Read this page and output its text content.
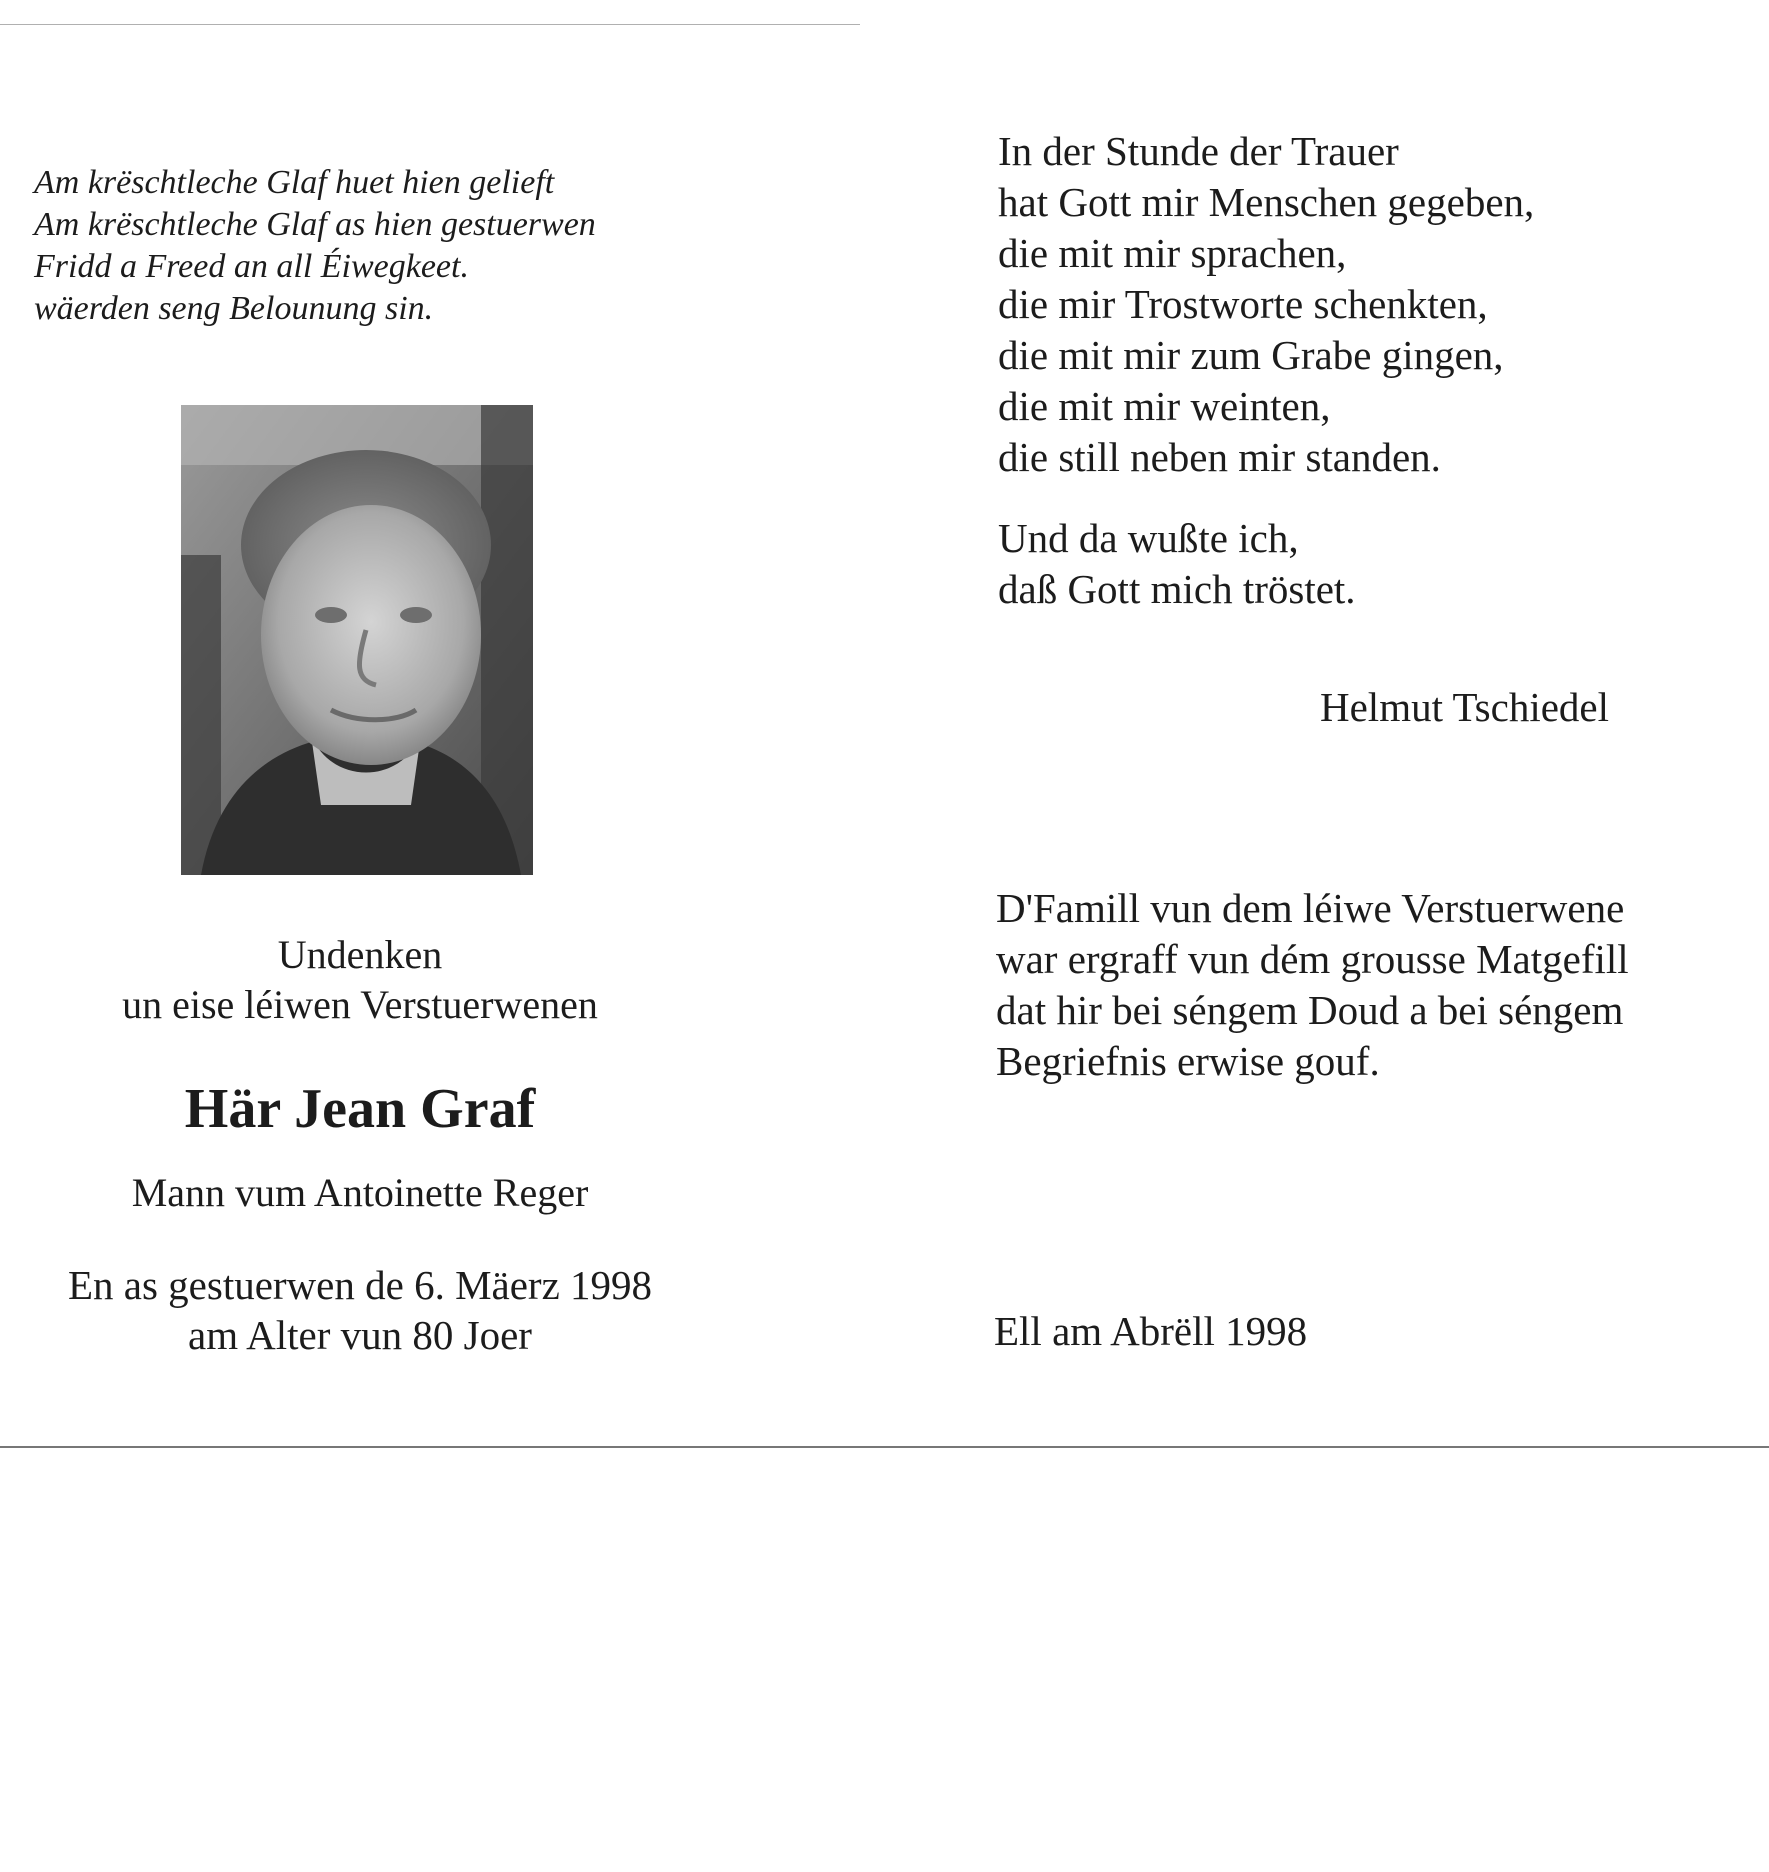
Am krëschtleche Glaf huet hien gelieft
Am krëschtleche Glaf as hien gestuerwen
Fridd a Freed an all Éiwegkeet.
wäerden seng Belounung sin.
Undenken
un eise léiwen Verstuerwenen
Här Jean Graf
Mann vum Antoinette Reger
En as gestuerwen de 6. Mäerz 1998
am Alter vun 80 Joer
In der Stunde der Trauer
hat Gott mir Menschen gegeben,
die mit mir sprachen,
die mir Trostworte schenkten,
die mit mir zum Grabe gingen,
die mit mir weinten,
die still neben mir standen.
Und da wußte ich,
daß Gott mich tröstet.
Helmut Tschiedel
D'Famill vun dem léiwe Verstuerwene
war ergraff vun dém grousse Matgefill
dat hir bei séngem Doud a bei séngem
Begriefnis erwise gouf.
Ell am Abrëll 1998
